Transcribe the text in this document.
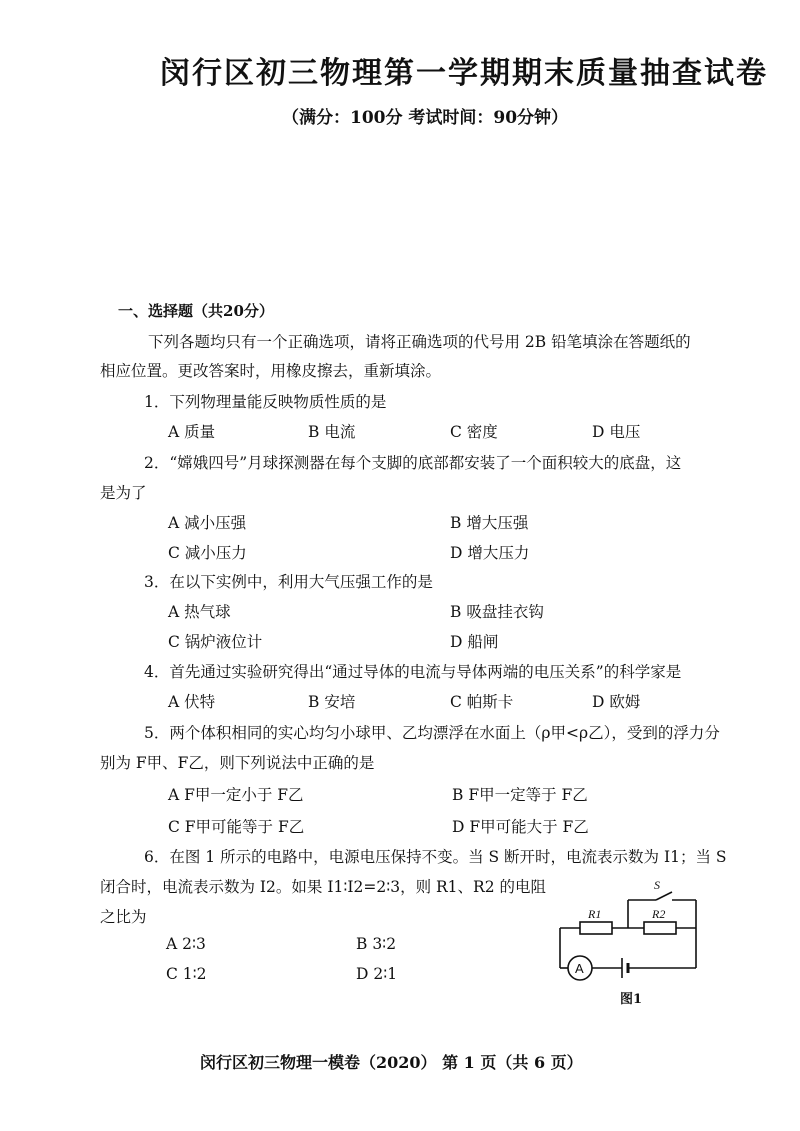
闵行区初三物理第一学期期末质量抽查试卷
（满分：100分 考试时间：90分钟）
一、选择题（共20分）
下列各题均只有一个正确选项，请将正确选项的代号用 2B 铅笔填涂在答题纸的
相应位置。更改答案时，用橡皮擦去，重新填涂。
1．下列物理量能反映物质性质的是
A 质量	B 电流	C 密度	D 电压
2．“嫦娥四号”月球探测器在每个支脚的底部都安装了一个面积较大的底盘，这
是为了
A 减小压强	B 增大压强
C 减小压力	D 增大压力
3．在以下实例中，利用大气压强工作的是
A 热气球	B 吸盘挂衣钩
C 锅炉液位计	D 船闸
4．首先通过实验研究得出“通过导体的电流与导体两端的电压关系”的科学家是
A 伏特	B 安培	C 帕斯卡	D 欧姆
5．两个体积相同的实心均匀小球甲、乙均漂浮在水面上（ρ甲<ρ乙），受到的浮力分
别为 F甲、F乙，则下列说法中正确的是
A F甲一定小于 F乙	B F甲一定等于 F乙
C F甲可能等于 F乙	D F甲可能大于 F乙
6．在图 1 所示的电路中，电源电压保持不变。当 S 断开时，电流表示数为 I1；当 S
闭合时，电流表示数为 I2。如果 I1∶I2=2∶3，则 R1、R2 的电阻
之比为
A 2∶3	B 3∶2
C 1∶2	D 2∶1
S
R1	R2
A
图1
闵行区初三物理一模卷（2020） 第 1 页（共 6 页）
